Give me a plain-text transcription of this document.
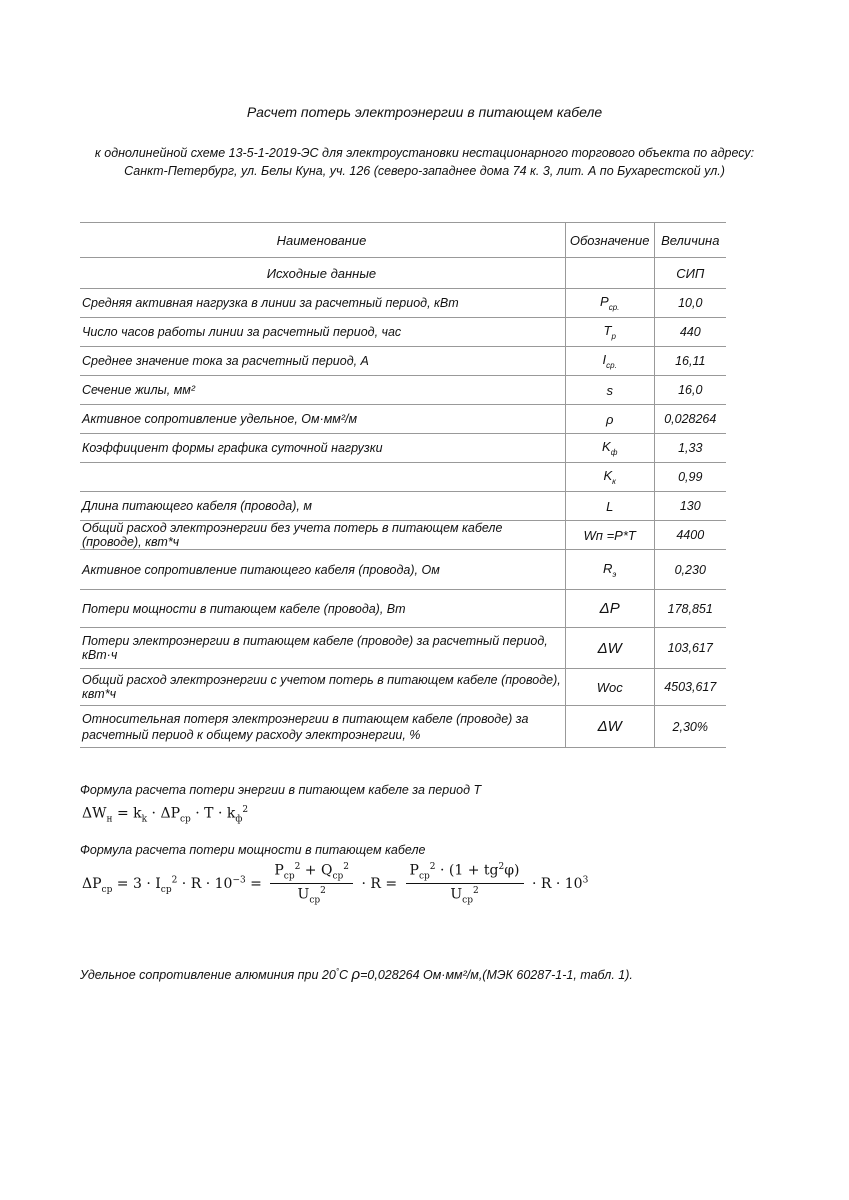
Расчет потерь электроэнергии в питающем кабеле
к однолинейной схеме 13-5-1-2019-ЭС для электроустановки нестационарного торгового объекта по адресу:
Санкт-Петербург, ул. Белы Куна, уч. 126 (северо-западнее дома 74 к. 3, лит. А по Бухарестской ул.)
Наименование	Обозначение	Величина
Исходные данные		СИП
Средняя активная нагрузка в линии за расчетный период, кВт	$P_{ср.}$	10,0
Число часов работы линии за расчетный период, час	$T_р$	440
Среднее значение тока за расчетный период, А	$I_{ср.}$	16,11
Сечение жилы, мм²	s	16,0
Активное сопротивление удельное, Ом·мм²/м	ρ	0,028264
Коэффициент формы графика суточной нагрузки	$K_ф$	1,33
	$K_к$	0,99
Длина питающего кабеля (провода), м	L	130
Общий расход электроэнергии без учета потерь в питающем кабеле (проводе), квт*ч	Wп =P*T	4400
Активное сопротивление питающего кабеля (провода), Ом	$R_э$	0,230
Потери мощности в питающем кабеле (провода), Вт	ΔP	178,851
Потери электроэнергии в питающем кабеле (проводе) за расчетный период, кВт·ч	ΔW	103,617
Общий расход электроэнергии с учетом потерь в питающем кабеле (проводе), квт*ч	Wос	4503,617
Относительная потеря электроэнергии в питающем кабеле (проводе) за расчетный период к общему расходу электроэнергии, %	ΔW	2,30%
Формула расчета потери энергии в питающем кабеле за период Т
$\Delta W_н = k_k \cdot \Delta P_{ср} \cdot T \cdot k_ф^2$
Формула расчета потери мощности в питающем кабеле
$\Delta P_{ср} = 3 \cdot I_{ср}^2 \cdot R \cdot 10^{-3} = \frac{P_{ср}^2 + Q_{ср}^2}{U_{ср}^2} \cdot R = \frac{P_{ср}^2 \cdot (1 + tg^2\varphi)}{U_{ср}^2} \cdot R \cdot 10^3$
Удельное сопротивление алюминия при 20°С ρ=0,028264 Ом·мм²/м,(МЭК 60287-1-1, табл. 1).
